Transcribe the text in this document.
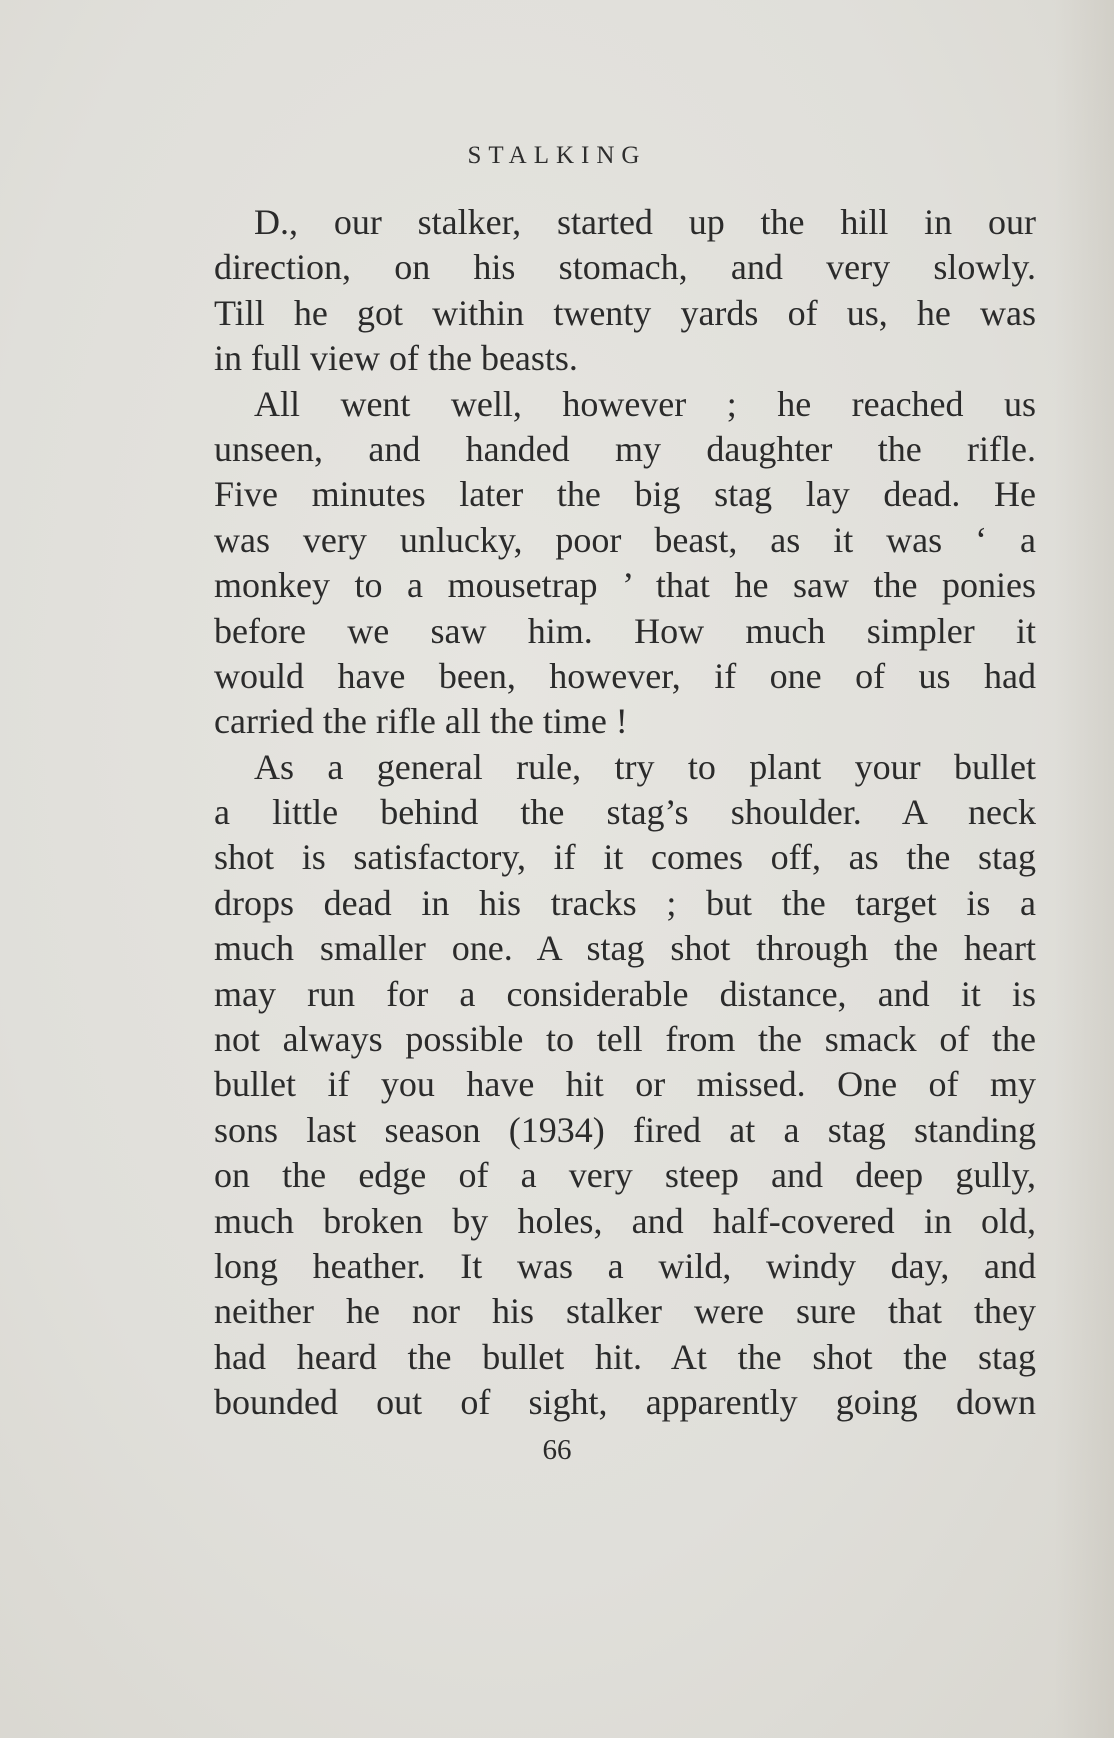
STALKING
D., our stalker, started up the hill in our
direction, on his stomach, and very slowly.
Till he got within twenty yards of us, he was
in full view of the beasts.
All went well, however ; he reached us
unseen, and handed my daughter the rifle.
Five minutes later the big stag lay dead. He
was very unlucky, poor beast, as it was ‘ a
monkey to a mousetrap ’ that he saw the ponies
before we saw him. How much simpler it
would have been, however, if one of us had
carried the rifle all the time !
As a general rule, try to plant your bullet
a little behind the stag’s shoulder. A neck
shot is satisfactory, if it comes off, as the stag
drops dead in his tracks ; but the target is a
much smaller one. A stag shot through the heart
may run for a considerable distance, and it is
not always possible to tell from the smack of the
bullet if you have hit or missed. One of my
sons last season (1934) fired at a stag standing
on the edge of a very steep and deep gully,
much broken by holes, and half-covered in old,
long heather. It was a wild, windy day, and
neither he nor his stalker were sure that they
had heard the bullet hit. At the shot the stag
bounded out of sight, apparently going down
66
